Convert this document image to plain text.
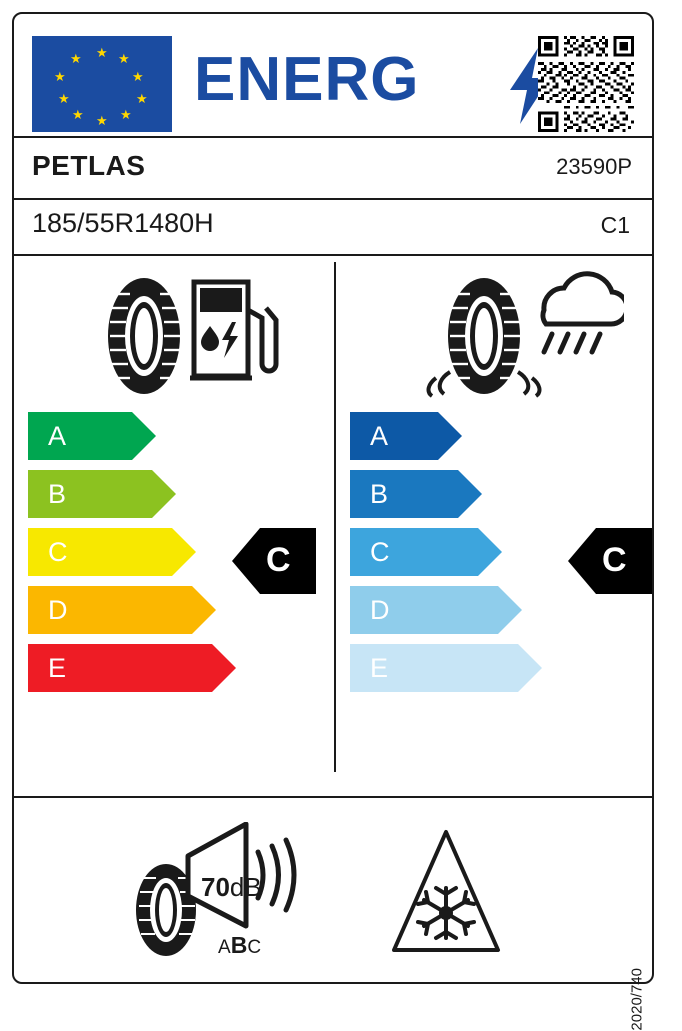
★ ★
★
★
★
★
★
★
★
★ ENERG
PETLAS	23590P
185/55R1480H	C1
A
B
C
D
E
C
A
B
C
D
E
C
70dB
ABC
2020/740
